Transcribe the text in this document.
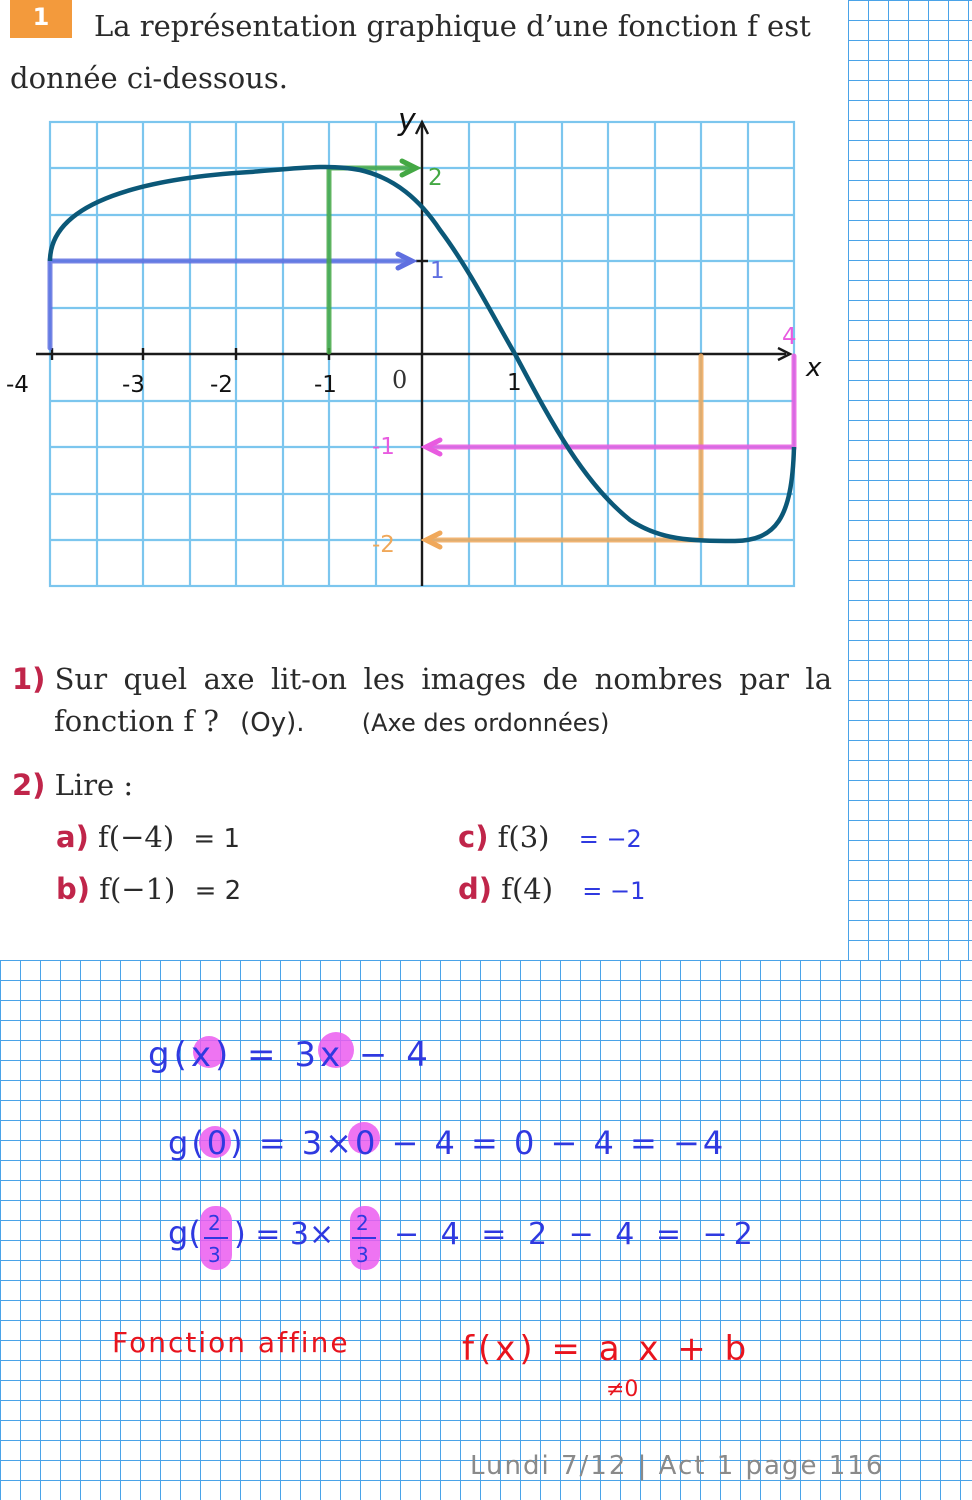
1	La représentation graphique d’une fonction f est
donnée ci-dessous.
x
y
0
-4	-3	-2	-1	1
4
1
2
-1
-2
1) Sur quel axe lit-on les images de nombres par la
fonction f ? (Oy). (Axe des ordonnées)
2) Lire :
a) f(−4) = 1
b) f(−1) = 2
c) f(3) = −2
d) f(4) = −1
g(x) = 3x − 4
g(0) = 3×0 − 4 = 0 − 4 = −4
g( 2
3
) = 3× 2
3
− 4 = 2 − 4 = −2
Fonction affine	f(x) = a x + b
≠0
Lundi 7/12 | Act 1 page 116
